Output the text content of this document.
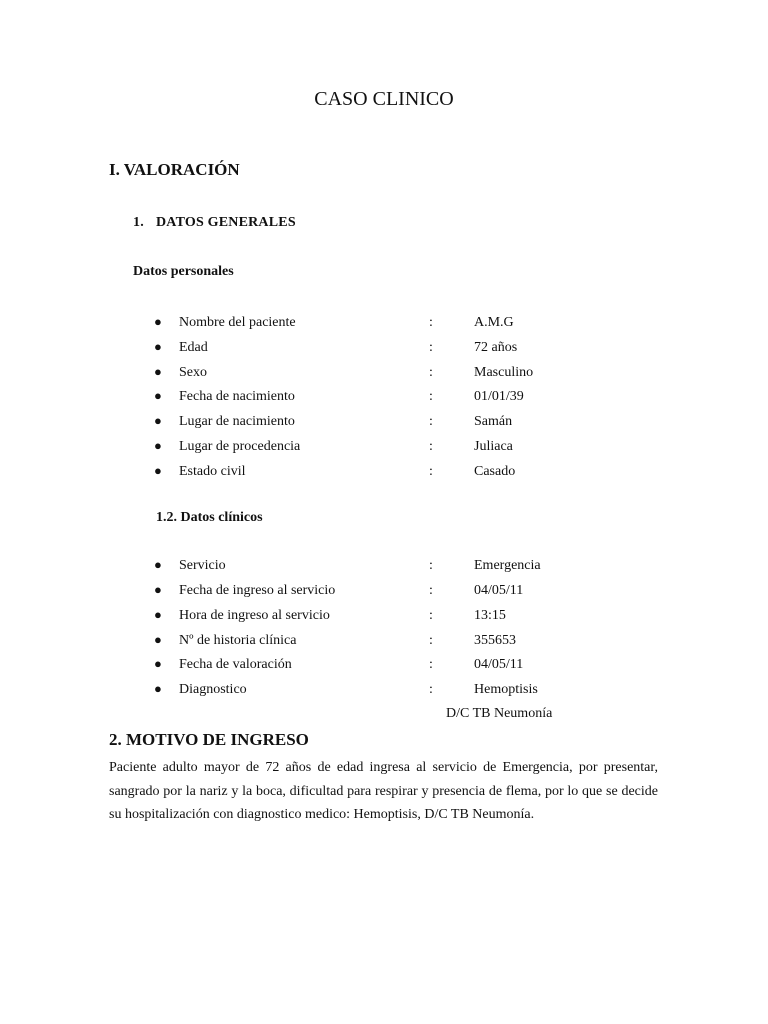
CASO CLINICO
I. VALORACIÓN
1. DATOS GENERALES
Datos personales
● Nombre del paciente	:	A.M.G
● Edad	:	72 años
● Sexo	:	Masculino
● Fecha de nacimiento	:	01/01/39
● Lugar de nacimiento	:	Samán
● Lugar de procedencia	:	Juliaca
● Estado civil	:	Casado
1.2. Datos clínicos
● Servicio	:	Emergencia
● Fecha de ingreso al servicio	:	04/05/11
● Hora de ingreso al servicio	:	13:15
● Nº de historia clínica	:	355653
● Fecha de valoración	:	04/05/11
● Diagnostico	:	Hemoptisis
D/C TB Neumonía
2. MOTIVO DE INGRESO
Paciente adulto mayor de 72 años de edad ingresa al servicio de Emergencia, por presentar, sangrado por la nariz y la boca, dificultad para respirar y presencia de flema, por lo que se decide su hospitalización con diagnostico medico: Hemoptisis, D/C TB Neumonía.
